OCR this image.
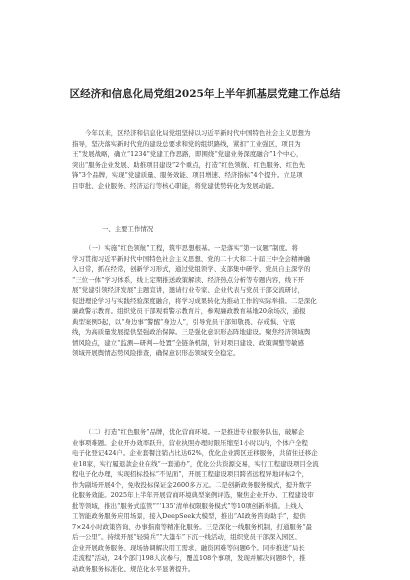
区经济和信息化局党组2025年上半年抓基层党建工作总结
今年以来，区经济和信息化局党组坚持以习近平新时代中国特色社会主义思想为
指导，坚决落实新时代党的建设总要求和党的组织路线，紧扣“工业强区，项目为
王”发展战略，确立“1234”党建工作思路，即围绕“党建业务深度融合”1个中心，
突出“服务企业发展、助推项目建设”2个重点，打造“红色领航、红色服务、红色先
锋”3个品牌，实现“党建质量、服务效能、项目增速、经济指标”4个提升。立足项
目审批、企业服务、经济运行等核心职能，将党建优势转化为发展动能。
一、主要工作情况
（一）实施“红色领航”工程，筑牢思想根基。一是落实“第一议题”制度。将
学习贯彻习近平新时代中国特色社会主义思想、党的二十大和二十届三中全会精神融
入日常，抓在经常，创新学习形式，通过党组领学、支部集中研学、党员自主深学的
“三位一体”学习体系，线上定期推送政策解读、经济热点分析等专题内容，线下开
展“党建引领经济发展”主题宣讲，邀请行业专家、企业代表与党员干部交流研讨，
促进理论学习与实践经验深度融合，将学习成果转化为推动工作的实际举措。二是深化
廉政警示教育。组织党员干部观看警示教育片，参观廉政教育基地20余场次，通报
典型案例5起，以“身边事”警醒“身边人”，引导党员干部知敬畏、存戒惧、守底
线，为高质量发展提供坚强政治保障。三是强化意识形态阵地建设。聚焦经济领域舆
情风险点，建立“监测—研判—处置”全链条机制，针对项目建设、政策调整等敏感
领域开展舆情态势风险排查，确保意识形态领域安全稳定。
（二）打造“红色服务”品牌，优化营商环境。一是推进专业服务队伍，破解企
业事项难题。企业开办效率跃升，营业执照办理时限压缩至1小时以内，个体户全程
电子化登记424户。企业套餐注销占比达62%，优化企业跨区迁移服务，共留住迁移企
业18家，实行履退款企业在线“一套通办”，优化公共资源交易，实行工程建设项目全流
程电子化办理，实现招标投标“不见面”，开展工程建设项目跨省远程异地评标2个，
作为副场开展4个，免收投标保证金2600多万元。二是创新政务服务模式，提升数字
化服务效能。2025年上半年开展营商环境典型案例评选，聚焦企业开办、工程建设审
批等领域，推出“服务式监管”“‘135’清单权限服务模式”等10项创新举措。上线人
工智能政务服务应用场景，接入DeepSeek大模型，推出“AI政务咨询助手”，提供
7×24小时政策咨询、办事指南等精准化服务。三是深化一线服务机制，打通服务“最
后一公里”。持续开展“轻骑兵”“大篷车”下沉一线活动，组织党员干部深入园区、
企业开展政务服务、现场协调解决用工需求、融资困难等问题6个。同步推进“局长
走流程”活动，24个部门198人次参与，覆盖108个事项，发现并解决问题8个，推
动政务服务标准化、规范化水平显著提升。
